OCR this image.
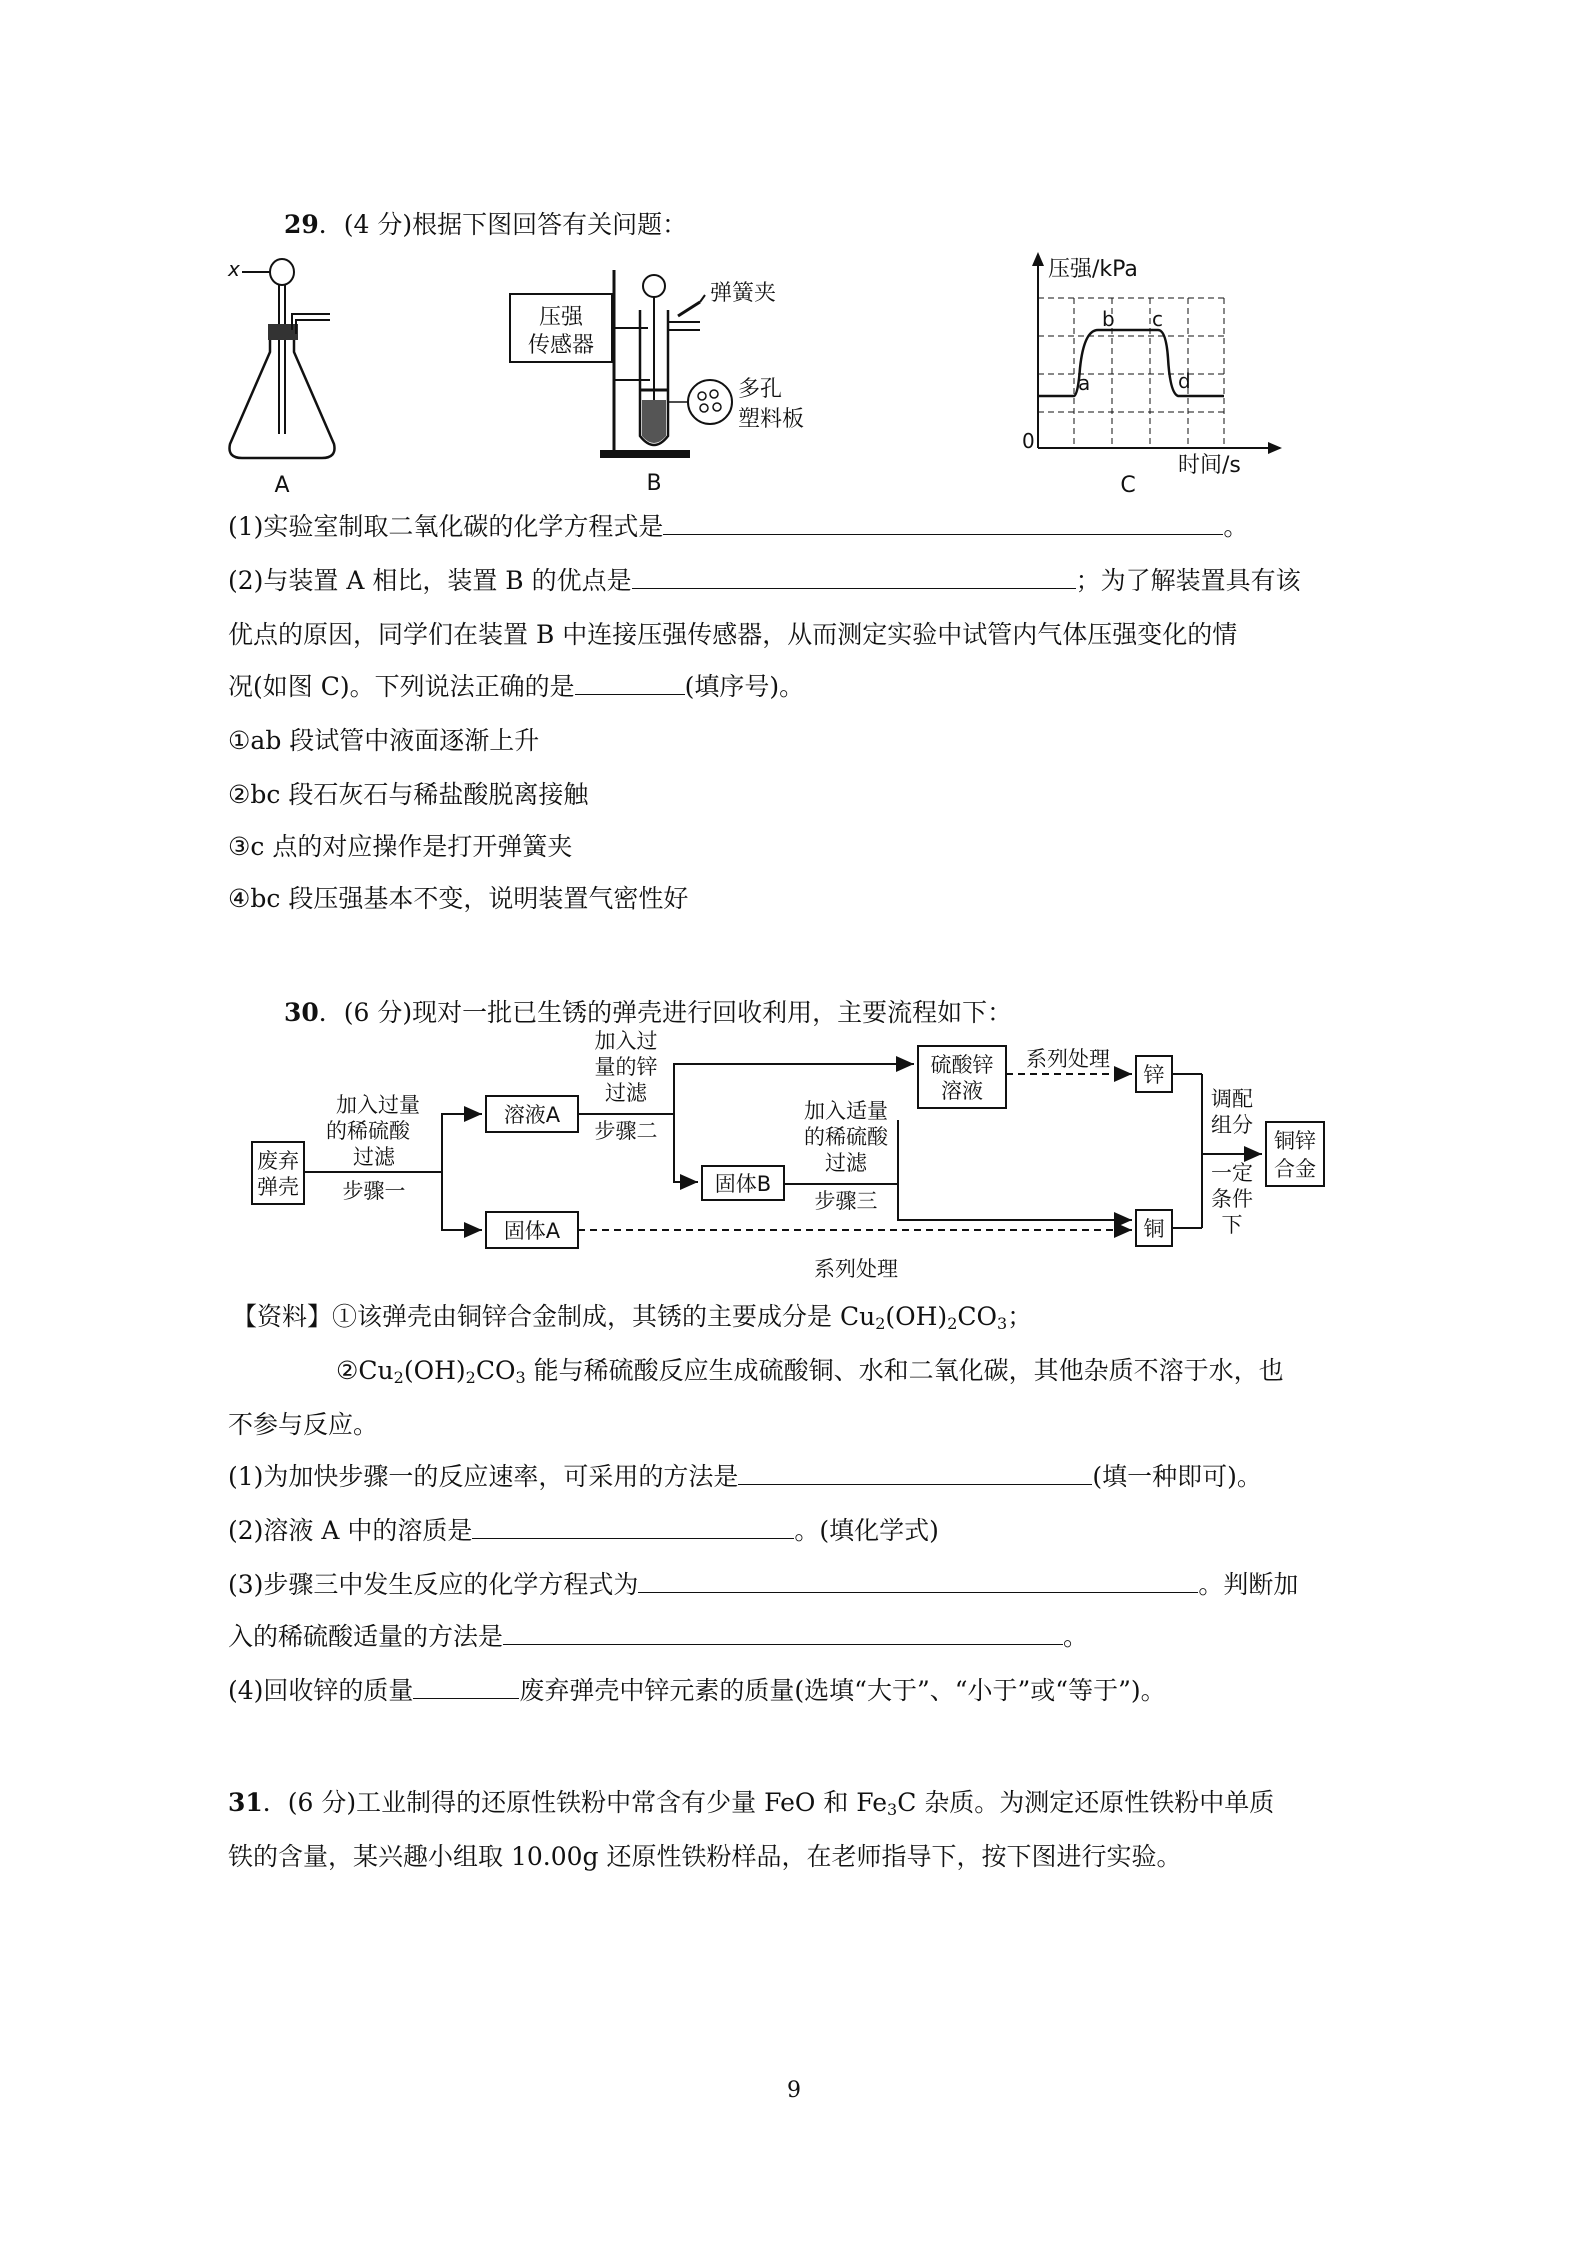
29．(4 分)根据下图回答有关问题：
x
A
压强
传感器
弹簧夹
多孔
塑料板
B
压强/kPa
0
时间/s
a
b c
d
C
(1)实验室制取二氧化碳的化学方程式是	。
(2)与装置 A 相比，装置 B 的优点是	；为了解装置具有该
优点的原因，同学们在装置 B 中连接压强传感器，从而测定实验中试管内气体压强变化的情
况(如图 C)。下列说法正确的是	(填序号)。
①ab 段试管中液面逐渐上升
②bc 段石灰石与稀盐酸脱离接触
③c 点的对应操作是打开弹簧夹
④bc 段压强基本不变，说明装置气密性好
30．(6 分)现对一批已生锈的弹壳进行回收利用，主要流程如下：
废弃
弹壳
加入过量
的稀硫酸
过滤
步骤一
溶液A
固体A
加入过
量的锌
过滤
步骤二
硫酸锌
溶液
系列处理
锌
固体B
加入适量
的稀硫酸
过滤
步骤三
系列处理
铜
调配
组分
一定
条件
下
铜锌
合金
【资料】①该弹壳由铜锌合金制成，其锈的主要成分是 $Cu_2(OH)_2CO_3$；
$②Cu_2(OH)_2CO_3$ 能与稀硫酸反应生成硫酸铜、水和二氧化碳，其他杂质不溶于水，也
不参与反应。
(1)为加快步骤一的反应速率，可采用的方法是	(填一种即可)。
(2)溶液 A 中的溶质是	。(填化学式)
(3)步骤三中发生反应的化学方程式为	。判断加
入的稀硫酸适量的方法是	。
(4)回收锌的质量	废弃弹壳中锌元素的质量(选填“大于”、“小于”或“等于”)。
31．(6 分)工业制得的还原性铁粉中常含有少量 FeO 和 $Fe_3C$ 杂质。为测定还原性铁粉中单质
铁的含量，某兴趣小组取 10.00g 还原性铁粉样品，在老师指导下，按下图进行实验。
9
